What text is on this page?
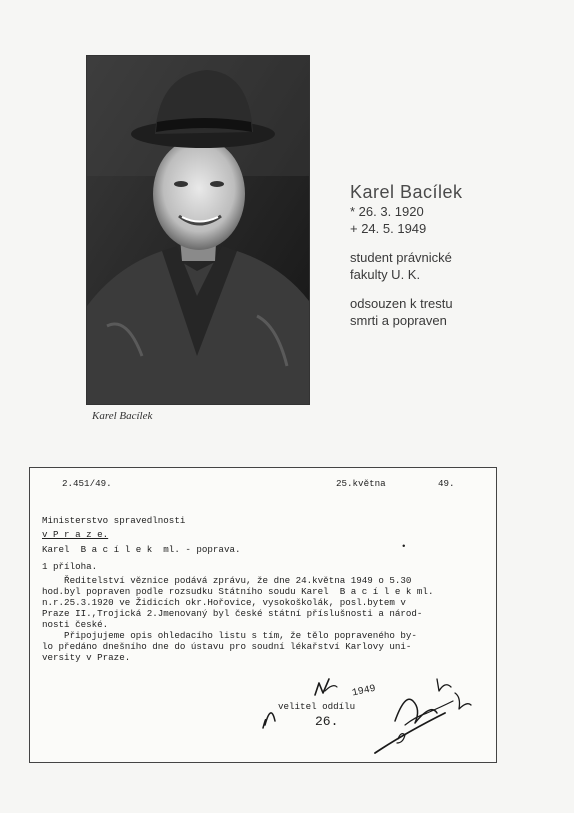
Karel Bacílek
Karel Bacílek
* 26. 3. 1920
+ 24. 5. 1949
student právnické
fakulty U. K.
odsouzen k trestu
smrti a popraven
2.451/49.	25.května	49.
Ministerstvo spravedlnosti
v P r a z e.
Karel  B a c í l e k  ml. - poprava.	•
1 příloha.
Ředitelství věznice podává zprávu, že dne 24.května 1949 o 5.30
hod.byl popraven podle rozsudku Státního soudu Karel  B a c í l e k ml.
n.r.25.3.1920 ve Židicích okr.Hořovice, vysokoškolák, posl.bytem v
Praze II.,Trojická 2.Jmenovaný byl české státní příslušnosti a národ-
nosti české.
Připojujeme opis ohledacího listu s tím, že tělo popraveného by-
lo předáno dnešního dne do ústavu pro soudní lékařství Karlovy uni-
versity v Praze.
velitel oddílu
1949
26.
